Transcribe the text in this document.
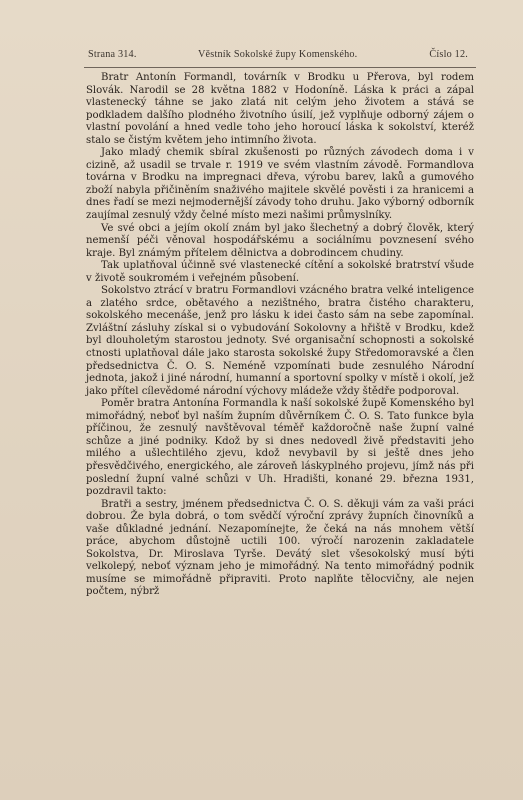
Strana 314.	Věstník Sokolské župy Komenského.	Číslo 12.

Bratr Antonín Formandl, továrník v Brodku u Přerova, byl rodem Slovák. Narodil se 28 května 1882 v Hodoníně. Láska k práci a zápal vlastenecký táhne se jako zlatá nit celým jeho životem a stává se podkladem dalšího plodného životního úsilí, jež vyplňuje odborný zájem o vlastní povolání a hned vedle toho jeho horoucí láska k sokolství, kteréž stalo se čistým květem jeho intimního života.

Jako mladý chemik sbíral zkušenosti po různých závodech doma i v cizině, až usadil se trvale r. 1919 ve svém vlastním závodě. Formandlova továrna v Brodku na impregnaci dřeva, výrobu barev, laků a gumového zboží nabyla přičiněním snaživého majitele skvělé pověsti i za hranicemi a dnes řadí se mezi nejmodernější závody toho druhu. Jako výborný odborník zaujímal zesnulý vždy čelné místo mezi našimi průmyslníky.

Ve své obci a jejím okolí znám byl jako šlechetný a dobrý člověk, který nemenší péči věnoval hospodářskému a sociálnímu povznesení svého kraje. Byl známým přítelem dělnictva a dobrodincem chudiny.

Tak uplatňoval účinně své vlastenecké cítění a sokolské bratrství všude v životě soukromém i veřejném působení.

Sokolstvo ztrácí v bratru Formandlovi vzácného bratra velké inteligence a zlatého srdce, obětavého a nezištného, bratra čistého charakteru, sokolského mecenáše, jenž pro lásku k idei často sám na sebe zapomínal. Zvláštní zásluhy získal si o vybudování Sokolovny a hřiště v Brodku, kdež byl dlouholetým starostou jednoty. Své organisační schopnosti a sokolské ctnosti uplatňoval dále jako starosta sokolské župy Středomoravské a člen předsednictva Č. O. S. Neméně vzpomínati bude zesnulého Národní jednota, jakož i jiné národní, humanní a sportovní spolky v místě i okolí, jež jako přítel cílevědomé národní výchovy mládeže vždy štědře podporoval.

Poměr bratra Antonína Formandla k naší sokolské župě Komenského byl mimořádný, neboť byl naším župním důvěrníkem Č. O. S. Tato funkce byla příčinou, že zesnulý navštěvoval téměř každoročně naše župní valné schůze a jiné podniky. Kdož by si dnes nedovedl živě představiti jeho milého a ušlechtilého zjevu, kdož nevybavil by si ještě dnes jeho přesvědčivého, energického, ale zároveň láskyplného projevu, jímž nás při poslední župní valné schůzi v Uh. Hradišti, konané 29. března 1931, pozdravil takto:

Bratři a sestry, jménem předsednictva Č. O. S. děkuji vám za vaši práci dobrou. Že byla dobrá, o tom svědčí výroční zprávy župních činovníků a vaše důkladné jednání. Nezapomínejte, že čeká na nás mnohem větší práce, abychom důstojně uctili 100. výročí narozenin zakladatele Sokolstva, Dr. Miroslava Tyrše. Devátý slet všesokolský musí býti velkolepý, neboť význam jeho je mimořádný. Na tento mimořádný podnik musíme se mimořádně připraviti. Proto naplňte tělocvičny, ale nejen počtem, nýbrž
